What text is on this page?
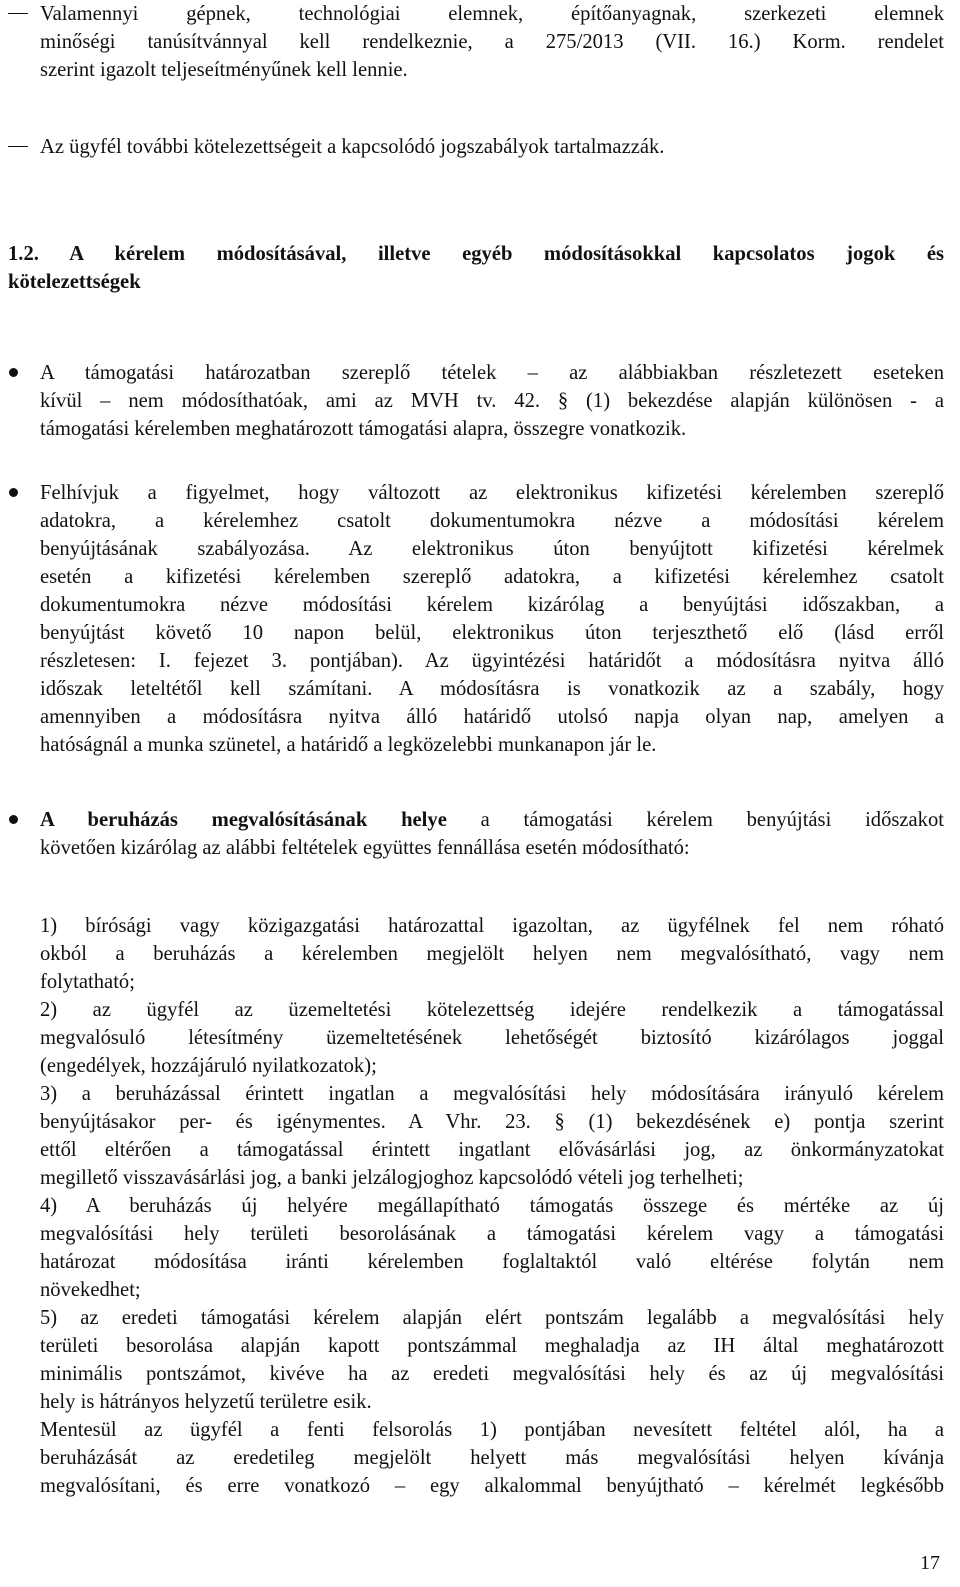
Valamennyi gépnek, technológiai elemnek, építőanyagnak, szerkezeti elemnek
minőségi tanúsítvánnyal kell rendelkeznie, a 275/2013 (VII. 16.) Korm. rendelet
szerint igazolt teljeseítményűnek kell lennie.
Az ügyfél további kötelezettségeit a kapcsolódó jogszabályok tartalmazzák.
1.2. A kérelem módosításával, illetve egyéb módosításokkal kapcsolatos jogok és
kötelezettségek
A támogatási határozatban szereplő tételek – az alábbiakban részletezett eseteken
kívül – nem módosíthatóak, ami az MVH tv. 42. § (1) bekezdése alapján különösen - a
támogatási kérelemben meghatározott támogatási alapra, összegre vonatkozik.
Felhívjuk a figyelmet, hogy változott az elektronikus kifizetési kérelemben szereplő
adatokra, a kérelemhez csatolt dokumentumokra nézve a módosítási kérelem
benyújtásának szabályozása. Az elektronikus úton benyújtott kifizetési kérelmek
esetén a kifizetési kérelemben szereplő adatokra, a kifizetési kérelemhez csatolt
dokumentumokra nézve módosítási kérelem kizárólag a benyújtási időszakban, a
benyújtást követő 10 napon belül, elektronikus úton terjeszthető elő (lásd erről
részletesen: I. fejezet 3. pontjában). Az ügyintézési határidőt a módosításra nyitva álló
időszak leteltétől kell számítani. A módosításra is vonatkozik az a szabály, hogy
amennyiben a módosításra nyitva álló határidő utolsó napja olyan nap, amelyen a
hatóságnál a munka szünetel, a határidő a legközelebbi munkanapon jár le.
A beruházás megvalósításának helye a támogatási kérelem benyújtási időszakot
követően kizárólag az alábbi feltételek együttes fennállása esetén módosítható:
1) bírósági vagy közigazgatási határozattal igazoltan, az ügyfélnek fel nem róható
okból a beruházás a kérelemben megjelölt helyen nem megvalósítható, vagy nem
folytatható;
2) az ügyfél az üzemeltetési kötelezettség idejére rendelkezik a támogatással
megvalósuló létesítmény üzemeltetésének lehetőségét biztosító kizárólagos joggal
(engedélyek, hozzájáruló nyilatkozatok);
3) a beruházással érintett ingatlan a megvalósítási hely módosítására irányuló kérelem
benyújtásakor per- és igénymentes. A Vhr. 23. § (1) bekezdésének e) pontja szerint
ettől eltérően a támogatással érintett ingatlant elővásárlási jog, az önkormányzatokat
megillető visszavásárlási jog, a banki jelzálogjoghoz kapcsolódó vételi jog terhelheti;
4) A beruházás új helyére megállapítható támogatás összege és mértéke az új
megvalósítási hely területi besorolásának a támogatási kérelem vagy a támogatási
határozat módosítása iránti kérelemben foglaltaktól való eltérése folytán nem
növekedhet;
5) az eredeti támogatási kérelem alapján elért pontszám legalább a megvalósítási hely
területi besorolása alapján kapott pontszámmal meghaladja az IH által meghatározott
minimális pontszámot, kivéve ha az eredeti megvalósítási hely és az új megvalósítási
hely is hátrányos helyzetű területre esik.
Mentesül az ügyfél a fenti felsorolás 1) pontjában nevesített feltétel alól, ha a
beruházását az eredetileg megjelölt helyett más megvalósítási helyen kívánja
megvalósítani, és erre vonatkozó – egy alkalommal benyújtható – kérelmét legkésőbb
17
